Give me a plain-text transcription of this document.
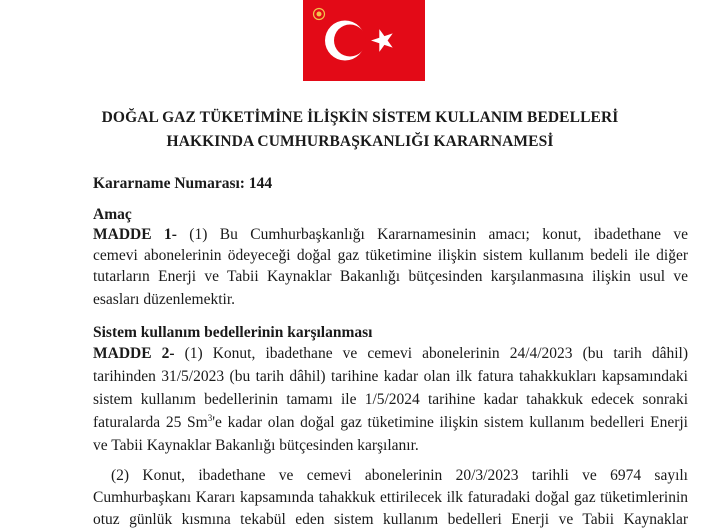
DOĞAL GAZ TÜKETİMİNE İLİŞKİN SİSTEM KULLANIM BEDELLERİ
HAKKINDA CUMHURBAŞKANLIĞI KARARNAMESİ
Kararname Numarası: 144
Amaç
MADDE 1- (1) Bu Cumhurbaşkanlığı Kararnamesinin amacı; konut, ibadethane ve
cemevi abonelerinin ödeyeceği doğal gaz tüketimine ilişkin sistem kullanım bedeli ile diğer
tutarların Enerji ve Tabii Kaynaklar Bakanlığı bütçesinden karşılanmasına ilişkin usul ve
esasları düzenlemektir.
Sistem kullanım bedellerinin karşılanması
MADDE 2- (1) Konut, ibadethane ve cemevi abonelerinin 24/4/2023 (bu tarih dâhil)
tarihinden 31/5/2023 (bu tarih dâhil) tarihine kadar olan ilk fatura tahakkukları kapsamındaki
sistem kullanım bedellerinin tamamı ile 1/5/2024 tarihine kadar tahakkuk edecek sonraki
faturalarda 25 Sm$^3$'e kadar olan doğal gaz tüketimine ilişkin sistem kullanım bedelleri Enerji
ve Tabii Kaynaklar Bakanlığı bütçesinden karşılanır.
(2) Konut, ibadethane ve cemevi abonelerinin 20/3/2023 tarihli ve 6974 sayılı
Cumhurbaşkanı Kararı kapsamında tahakkuk ettirilecek ilk faturadaki doğal gaz tüketimlerinin
otuz günlük kısmına tekabül eden sistem kullanım bedelleri Enerji ve Tabii Kaynaklar
